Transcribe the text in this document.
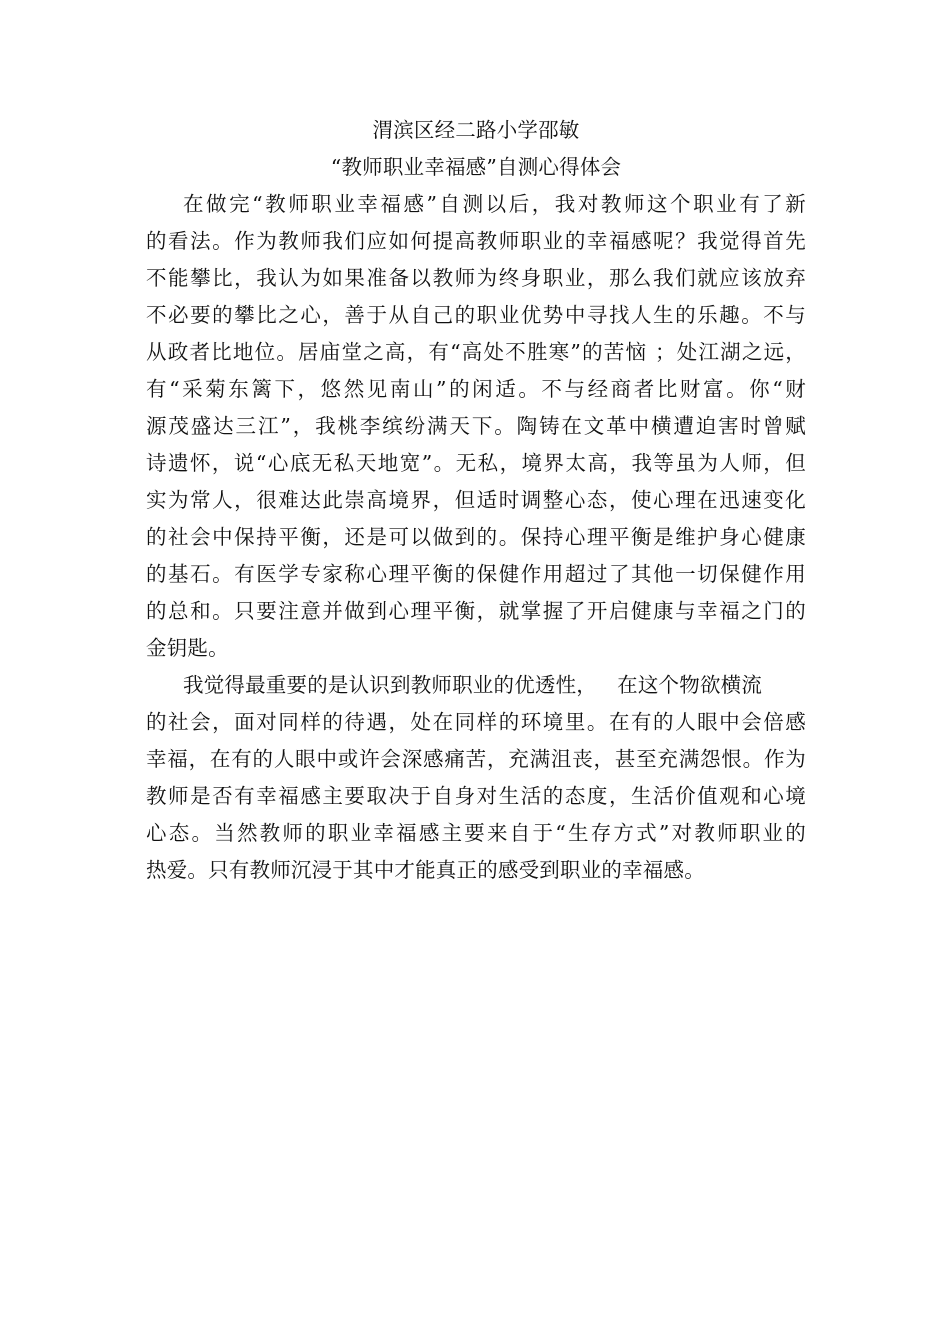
渭滨区经二路小学邵敏
“教师职业幸福感”自测心得体会
在做完“教师职业幸福感”自测以后，我对教师这个职业有了新
的看法。作为教师我们应如何提高教师职业的幸福感呢？我觉得首先
不能攀比，我认为如果准备以教师为终身职业，那么我们就应该放弃
不必要的攀比之心，善于从自己的职业优势中寻找人生的乐趣。不与
从政者比地位。居庙堂之高，有“高处不胜寒”的苦恼 ；处江湖之远，
有“采菊东篱下，悠然见南山”的闲适。不与经商者比财富。你“财
源茂盛达三江”，我桃李缤纷满天下。陶铸在文革中横遭迫害时曾赋
诗遗怀，说“心底无私天地宽”。无私，境界太高，我等虽为人师，但
实为常人，很难达此崇高境界，但适时调整心态，使心理在迅速变化
的社会中保持平衡，还是可以做到的。保持心理平衡是维护身心健康
的基石。有医学专家称心理平衡的保健作用超过了其他一切保健作用
的总和。只要注意并做到心理平衡，就掌握了开启健康与幸福之门的
金钥匙。
我觉得最重要的是认识到教师职业的优透性，   在这个物欲横流
的社会，面对同样的待遇，处在同样的环境里。在有的人眼中会倍感
幸福，在有的人眼中或许会深感痛苦，充满沮丧，甚至充满怨恨。作为
教师是否有幸福感主要取决于自身对生活的态度，生活价值观和心境
心态。当然教师的职业幸福感主要来自于“生存方式”对教师职业的
热爱。只有教师沉浸于其中才能真正的感受到职业的幸福感。
